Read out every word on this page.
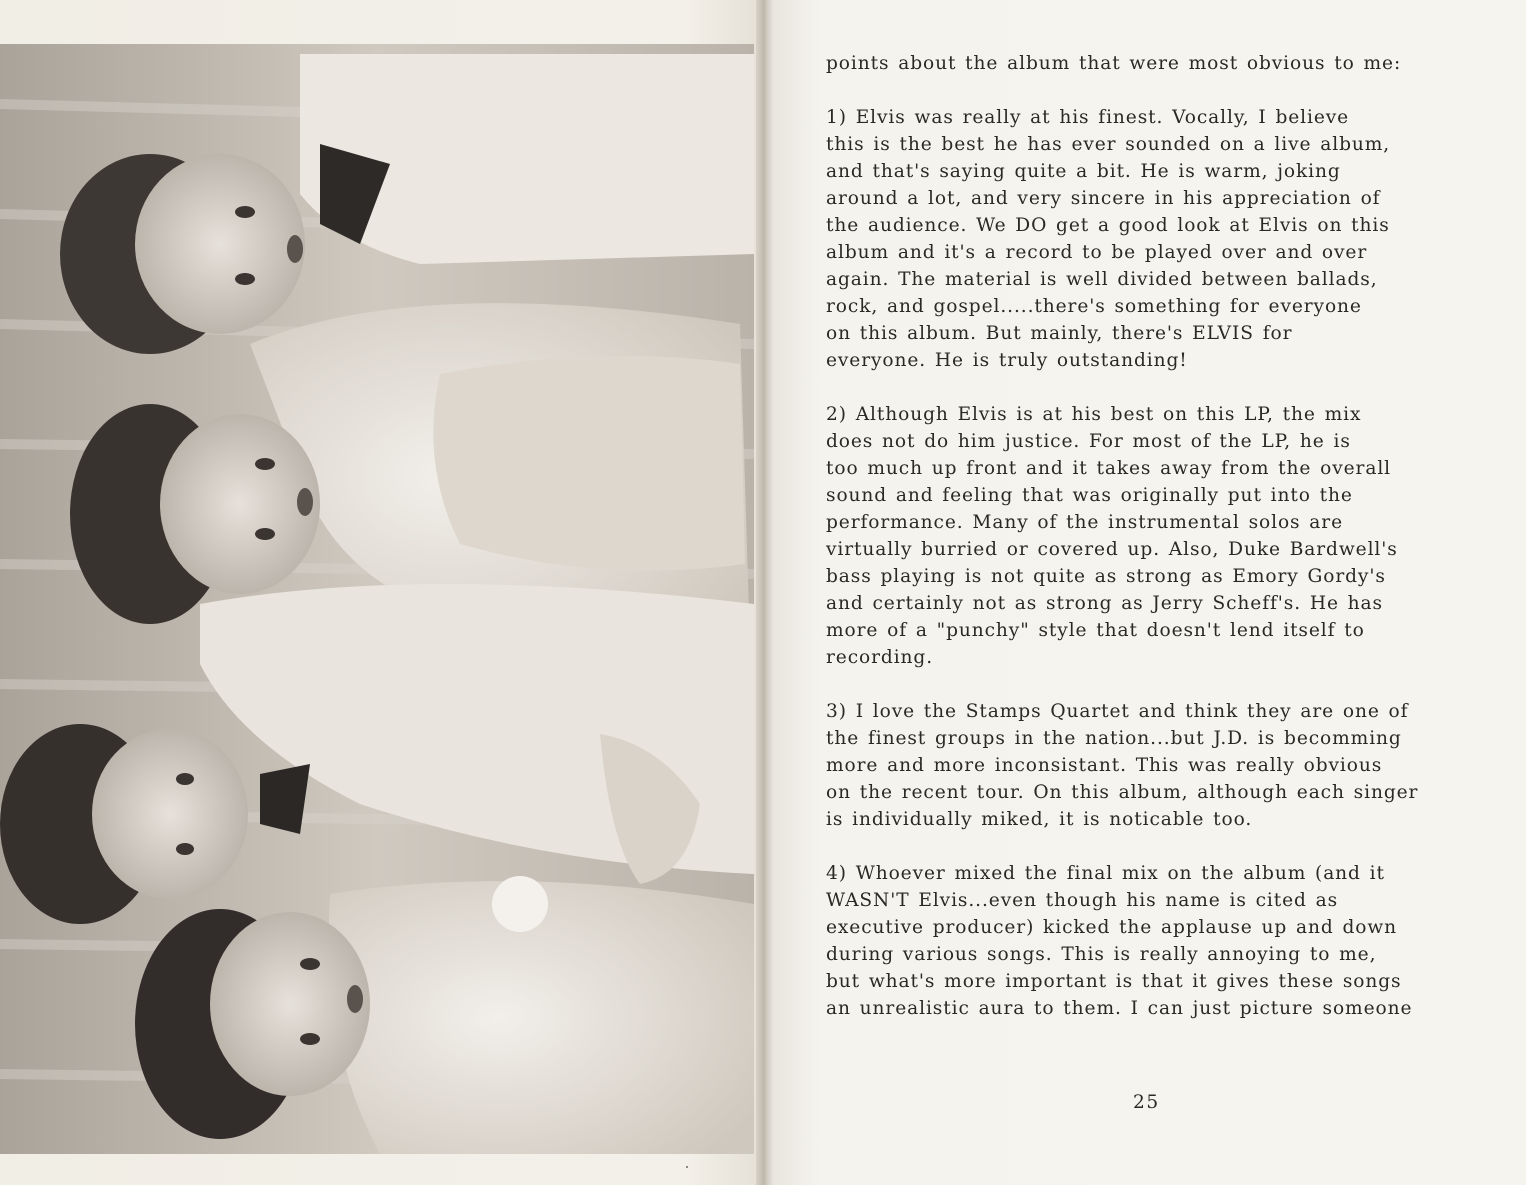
points about the album that were most obvious to me:
1) Elvis was really at his finest. Vocally, I believe
this is the best he has ever sounded on a live album,
and that's saying quite a bit. He is warm, joking
around a lot, and very sincere in his appreciation of
the audience. We DO get a good look at Elvis on this
album and it's a record to be played over and over
again. The material is well divided between ballads,
rock, and gospel.....there's something for everyone
on this album. But mainly, there's ELVIS for
everyone. He is truly outstanding!
2) Although Elvis is at his best on this LP, the mix
does not do him justice. For most of the LP, he is
too much up front and it takes away from the overall
sound and feeling that was originally put into the
performance. Many of the instrumental solos are
virtually burried or covered up. Also, Duke Bardwell's
bass playing is not quite as strong as Emory Gordy's
and certainly not as strong as Jerry Scheff's. He has
more of a "punchy" style that doesn't lend itself to
recording.
3) I love the Stamps Quartet and think they are one of
the finest groups in the nation...but J.D. is becomming
more and more inconsistant. This was really obvious
on the recent tour. On this album, although each singer
is individually miked, it is noticable too.
4) Whoever mixed the final mix on the album (and it
WASN'T Elvis...even though his name is cited as
executive producer) kicked the applause up and down
during various songs. This is really annoying to me,
but what's more important is that it gives these songs
an unrealistic aura to them. I can just picture someone
25
